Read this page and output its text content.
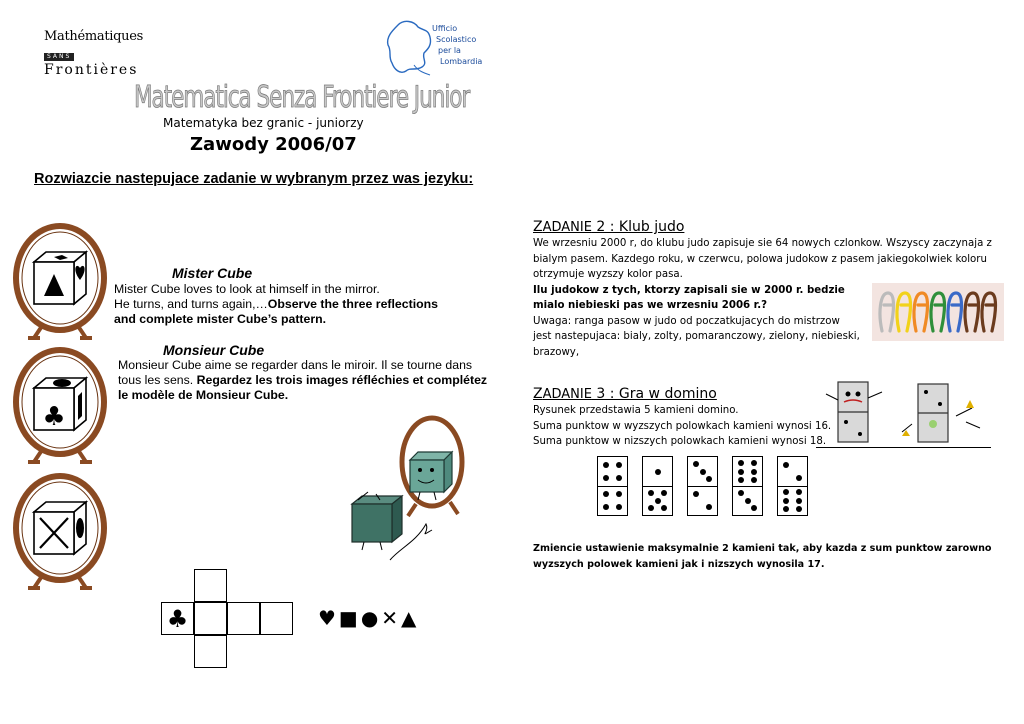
Mathématiques
SANS
Frontières
Ufficio
Scolastico
per la
Lombardia
Matematica Senza Frontiere Junior
Matematyka bez granic - juniorzy
Zawody 2006/07
Rozwiazcie nastepujace zadanie w wybranym przez was jezyku:
♣
Mister Cube
Mister Cube loves to look at himself in the mirror.
He turns, and turns again,…Observe the three reflections
and complete mister Cube’s pattern.
Monsieur Cube
Monsieur Cube aime se regarder dans le miroir. Il se tourne dans
tous les sens. Regardez les trois images réfléchies et complétez
le modèle de Monsieur Cube.
♣	♥■●✕▲
ZADANIE 2 : Klub judo
We wrzesniu 2000 r, do klubu judo zapisuje sie 64 nowych czlonkow. Wszyscy zaczynaja z
bialym pasem. Kazdego roku, w czerwcu, polowa judokow z pasem jakiegokolwiek koloru
otrzymuje wyzszy kolor pasa.
Ilu judokow z tych, ktorzy zapisali sie w 2000 r. bedzie
mialo niebieski pas we wrzesniu 2006 r.?
Uwaga: ranga pasow w judo od poczatkujacych do mistrzow
jest nastepujaca: bialy, zolty, pomaranczowy, zielony, niebieski,
brazowy,
ZADANIE 3 : Gra w domino
Rysunek przedstawia 5 kamieni domino.
Suma punktow w wyzszych polowkach kamieni wynosi 16.
Suma punktow w nizszych polowkach kamieni wynosi 18.
Zmiencie ustawienie maksymalnie 2 kamieni tak, aby kazda z sum punktow zarowno
wyzszych polowek kamieni jak i nizszych wynosila 17.
